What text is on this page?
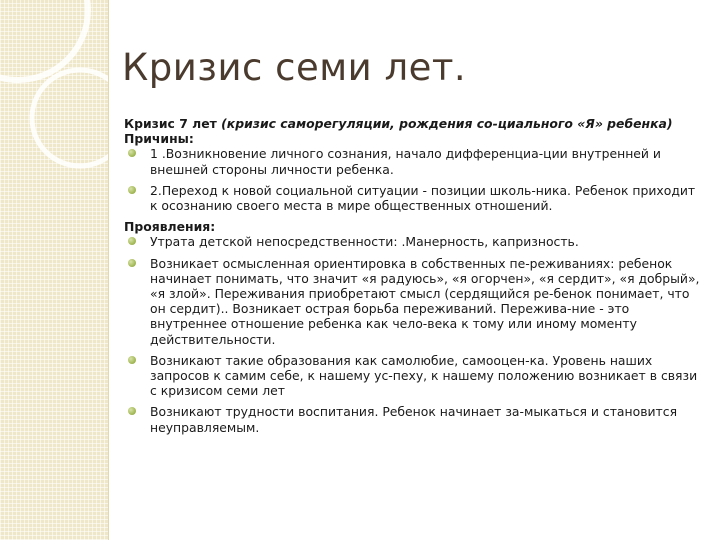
Кризис семи лет.

Кризис 7 лет (кризис саморегуляции, рождения со-циального «Я» ребенка)

Причины:

1 .Возникновение личного сознания, начало дифференциа-ции внутренней и внешней стороны личности ребенка.
2.Переход к новой социальной ситуации - позиции школь-ника. Ребенок приходит к осознанию своего места в мире общественных отношений.

Проявления:

Утрата детской непосредственности: .Манерность, капризность.
Возникает осмысленная ориентировка в собственных пе-реживаниях: ребенок начинает понимать, что значит «я радуюсь», «я огорчен», «я сердит», «я добрый», «я злой». Переживания приобретают смысл (сердящийся ре-бенок понимает, что он сердит).. Возникает острая борьба переживаний. Пережива-ние - это внутреннее отношение ребенка как чело-века к тому или иному моменту действительности.
Возникают такие образования как самолюбие, самооцен-ка. Уровень наших запросов к самим себе, к нашему ус-пеху, к нашему положению возникает в связи с кризисом семи лет
Возникают трудности воспитания. Ребенок начинает за-мыкаться и становится неуправляемым.
